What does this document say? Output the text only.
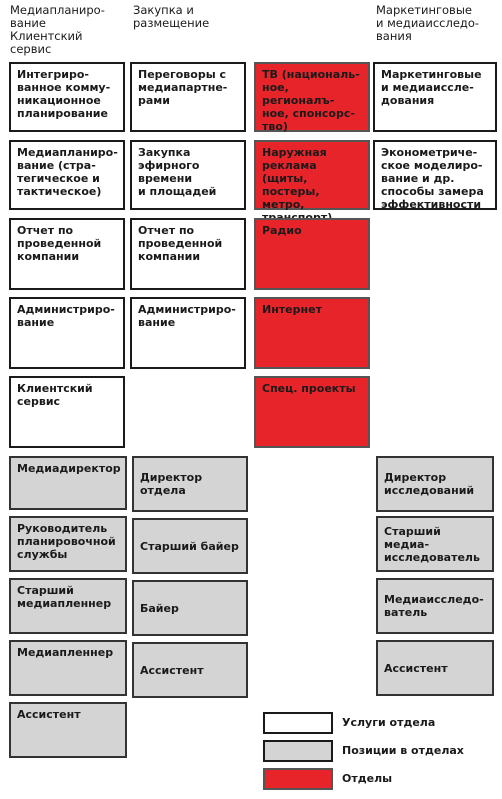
Медиапланиро-
вание
Клиентский
сервис
Закупка и
размещение
Маркетинговые
и медиаисследо-
вания
Интегриро-
ванное комму-
никационное
планирование
Медиапланиро-
вание (стра-
тегическое и
тактическое)
Отчет по
проведенной
компании
Администриро-
вание
Клиентский
сервис
Переговоры с
медиапартне-
рами
Закупка
эфирного
времени
и площадей
Отчет по
проведенной
компании
Администриро-
вание
ТВ (националь-
ное, регионалъ-
ное, спонсорс-
тво)
Наружная
реклама (щиты,
постеры, метро,

Радио
Интернет
Спец. проекты
Маркетинговые
и медиаиссле-
дования
Эконометриче-
ское моделиро-
вание и др.
способы замера
эффективности
Медиадиректор
Руководитель
планировочной
службы
Старший
медиапленнер
Медиапленнер
Ассистент
Директор
отдела
Старший байер
Байер
Ассистент
Директор
исследований
Старший медиа-
исследователь
Медиаисследо-
ватель
Ассистент
Услуги отдела
Позиции в отделах
Отделы
